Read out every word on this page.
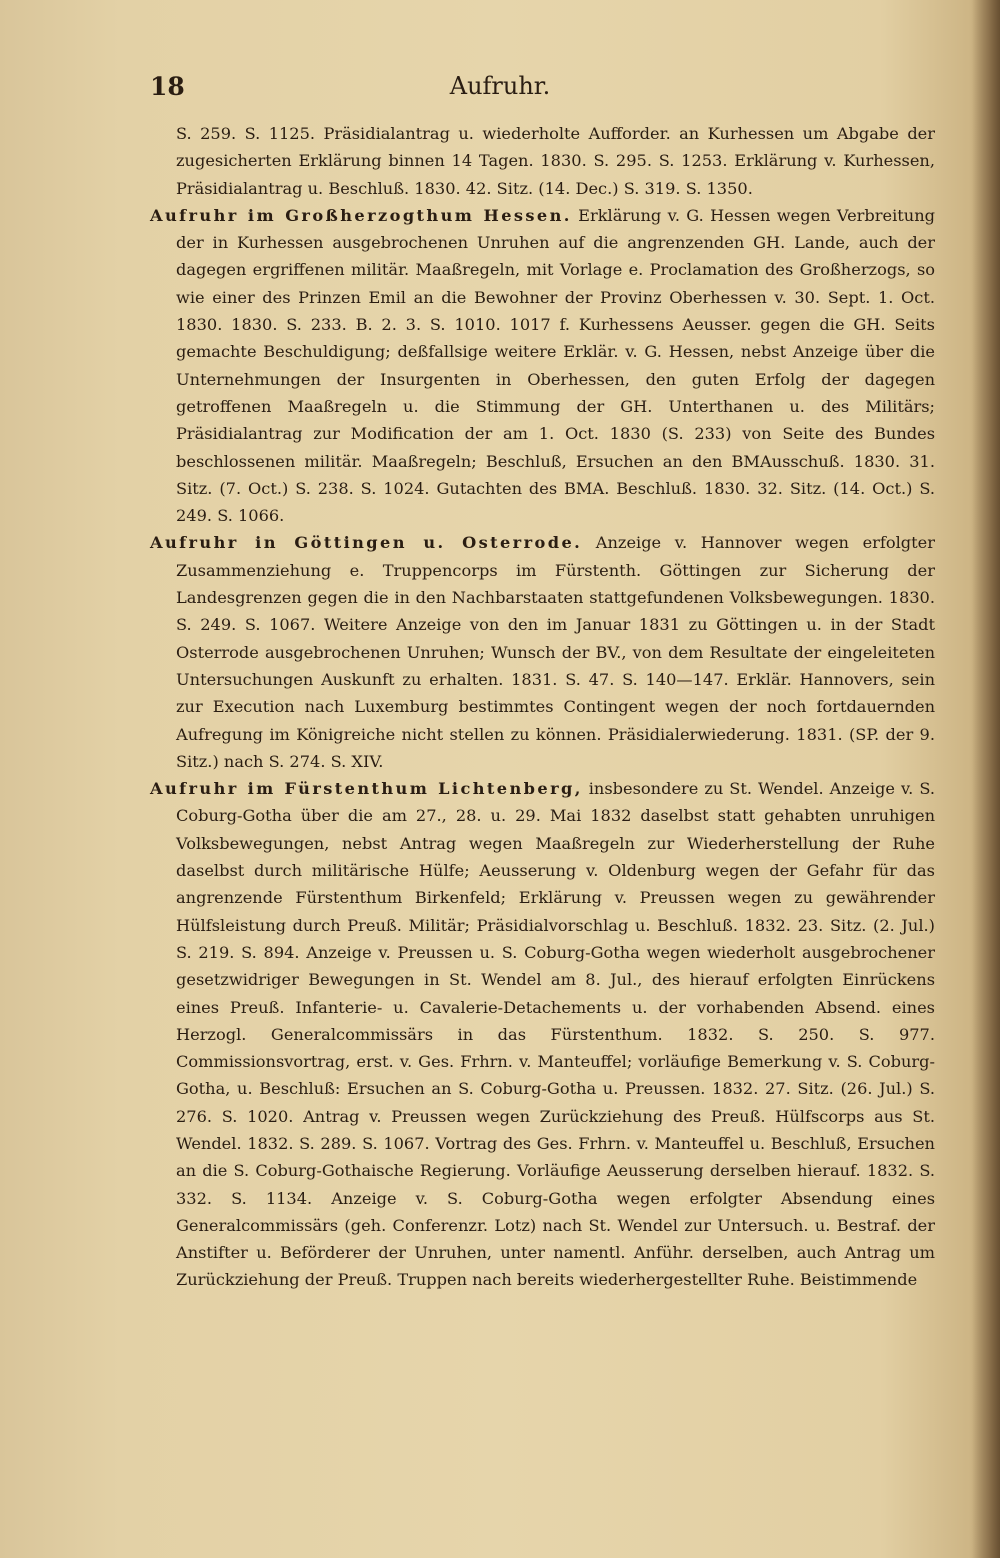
18	Aufruhr.

S. 259. S. 1125. Präsidialantrag u. wiederholte Aufforder. an Kurhessen um Abgabe der zugesicherten Erklärung binnen 14 Tagen. 1830. S. 295. S. 1253. Erklärung v. Kurhessen, Präsidialantrag u. Beschluß. 1830. 42. Sitz. (14. Dec.) S. 319. S. 1350.

Aufruhr im Großherzogthum Hessen. Erklärung v. G. Hessen wegen Verbreitung der in Kurhessen ausgebrochenen Unruhen auf die angrenzenden GH. Lande, auch der dagegen ergriffenen militär. Maaßregeln, mit Vorlage e. Proclamation des Großherzogs, so wie einer des Prinzen Emil an die Bewohner der Provinz Oberhessen v. 30. Sept. 1. Oct. 1830. 1830. S. 233. B. 2. 3. S. 1010. 1017 f. Kurhessens Aeusser. gegen die GH. Seits gemachte Beschuldigung; deßfallsige weitere Erklär. v. G. Hessen, nebst Anzeige über die Unternehmungen der Insurgenten in Oberhessen, den guten Erfolg der dagegen getroffenen Maaßregeln u. die Stimmung der GH. Unterthanen u. des Militärs; Präsidialantrag zur Modification der am 1. Oct. 1830 (S. 233) von Seite des Bundes beschlossenen militär. Maaßregeln; Beschluß, Ersuchen an den BMAusschuß. 1830. 31. Sitz. (7. Oct.) S. 238. S. 1024. Gutachten des BMA. Beschluß. 1830. 32. Sitz. (14. Oct.) S. 249. S. 1066.

Aufruhr in Göttingen u. Osterrode. Anzeige v. Hannover wegen erfolgter Zusammenziehung e. Truppencorps im Fürstenth. Göttingen zur Sicherung der Landesgrenzen gegen die in den Nachbarstaaten stattgefundenen Volksbewegungen. 1830. S. 249. S. 1067. Weitere Anzeige von den im Januar 1831 zu Göttingen u. in der Stadt Osterrode ausgebrochenen Unruhen; Wunsch der BV., von dem Resultate der eingeleiteten Untersuchungen Auskunft zu erhalten. 1831. S. 47. S. 140—147. Erklär. Hannovers, sein zur Execution nach Luxemburg bestimmtes Contingent wegen der noch fortdauernden Aufregung im Königreiche nicht stellen zu können. Präsidialerwiederung. 1831. (SP. der 9. Sitz.) nach S. 274. S. XIV.

Aufruhr im Fürstenthum Lichtenberg, insbesondere zu St. Wendel. Anzeige v. S. Coburg-Gotha über die am 27., 28. u. 29. Mai 1832 daselbst statt gehabten unruhigen Volksbewegungen, nebst Antrag wegen Maaßregeln zur Wiederherstellung der Ruhe daselbst durch militärische Hülfe; Aeusserung v. Oldenburg wegen der Gefahr für das angrenzende Fürstenthum Birkenfeld; Erklärung v. Preussen wegen zu gewährender Hülfsleistung durch Preuß. Militär; Präsidialvorschlag u. Beschluß. 1832. 23. Sitz. (2. Jul.) S. 219. S. 894. Anzeige v. Preussen u. S. Coburg-Gotha wegen wiederholt ausgebrochener gesetzwidriger Bewegungen in St. Wendel am 8. Jul., des hierauf erfolgten Einrückens eines Preuß. Infanterie- u. Cavalerie-Detachements u. der vorhabenden Absend. eines Herzogl. Generalcommissärs in das Fürstenthum. 1832. S. 250. S. 977. Commissionsvortrag, erst. v. Ges. Frhrn. v. Manteuffel; vorläufige Bemerkung v. S. Coburg-Gotha, u. Beschluß: Ersuchen an S. Coburg-Gotha u. Preussen. 1832. 27. Sitz. (26. Jul.) S. 276. S. 1020. Antrag v. Preussen wegen Zurückziehung des Preuß. Hülfscorps aus St. Wendel. 1832. S. 289. S. 1067. Vortrag des Ges. Frhrn. v. Manteuffel u. Beschluß, Ersuchen an die S. Coburg-Gothaische Regierung. Vorläufige Aeusserung derselben hierauf. 1832. S. 332. S. 1134. Anzeige v. S. Coburg-Gotha wegen erfolgter Absendung eines Generalcommissärs (geh. Conferenzr. Lotz) nach St. Wendel zur Untersuch. u. Bestraf. der Anstifter u. Beförderer der Unruhen, unter namentl. Anführ. derselben, auch Antrag um Zurückziehung der Preuß. Truppen nach bereits wiederhergestellter Ruhe. Beistimmende
